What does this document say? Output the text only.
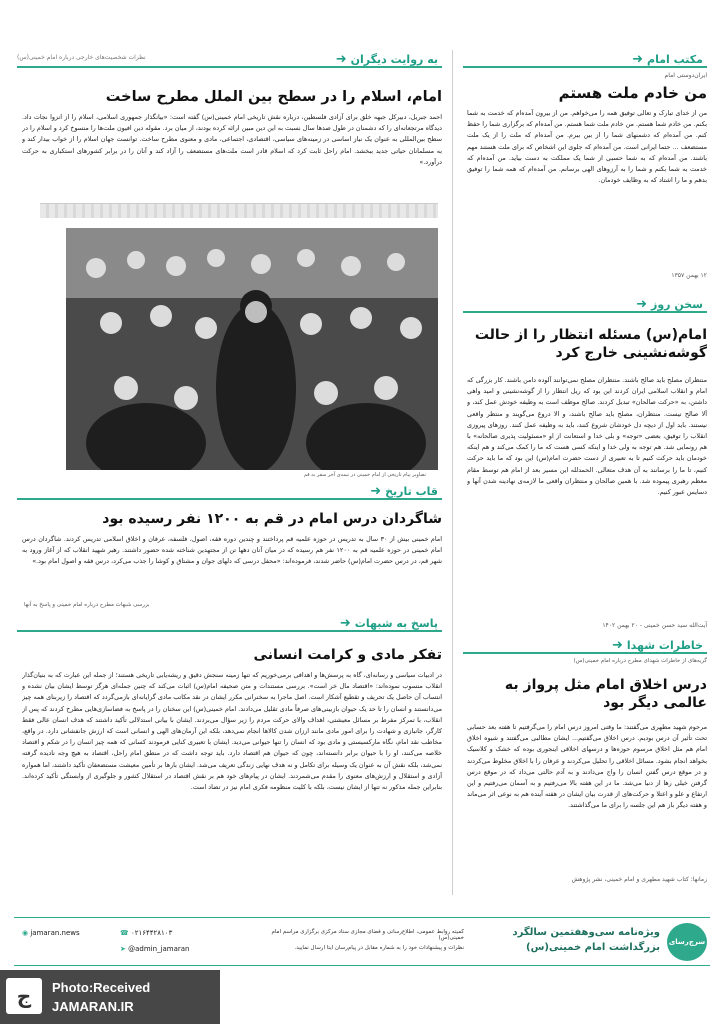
مکتب امام
➜
ایران‌دوستی امام
من خادم ملت هستم
من از خدای تبارک و تعالی توفیق همه را می‌خواهم. من از بیرون آمده‌ام که خدمت به شما بکنم. من خادم شما هستم. من خادم ملت شما هستم. من آمده‌ام که برگزاری شما را حفظ کنم. من آمده‌ام که دشمنهای شما را از بین ببرم. من آمده‌ام که ملت را از یک ملت مستضعف ... حتما ایرانی است. من آمده‌ام که جلوی این اشخاص که برای ملت هستند مهم باشند. من آمده‌ام که به شما حسبی از شما یک مملکت به دست بیاید. من آمده‌ام که خدمت به شما بکنم و شما را به آرزوهای الهی برسانم. من آمده‌ام که همه شما را توفیق بدهم و ما را اشتاد که به وظایف خودمان.
۱۲ بهمن ۱۳۵۷
سخن روز
➜
امام(س) مسئله انتظار را از حالت گوشه‌نشینی خارج کرد
منتظران مصلح باید صالح باشند. منتظران مصلح نمی‌توانند آلوده دامن باشند. کار بزرگی که امام و انقلاب اسلامی ایران کردند این بود که ریل انتظار را از گوشه‌نشینی و امید واهی داشتن، به «حرکت صالحان» تبدیل کردند. صالح موظف است به وظیفه خودش عمل کند، و آلا صالح نیست. منتظران، مصلح باید صالح باشند، و الا دروغ می‌گویند و منتظر واقعی نیستند. باید اول از دیچه دل خودشان شروع کنند، باید به وظیفه عمل کنند. روزهای پیروزی انقلاب را توفیق، بعضی «توجه» و بلی خدا و استعانت از او «مسئولیت پذیری صالحانه» با هم رونمایی شد. هم توجه به ولی خدا و اینکه کسی هست که ما را کمک می‌کند و هم اینکه خودمان باید حرکت کنیم تا به تعبیری از دست حضرت امام(س) این بود که ما باید حرکت کنیم، تا ما را برسانند به آن هدف متعالی. الحمدلله این مسیر بعد از امام هم توسط مقام معظم رهبری پیموده شد. با همین صالحان و منتظران واقعی ما لازمه‌ی نهادینه شدن آنها و دسایس عبور کنیم.
آیت‌الله سید حسن خمینی - ۲۰ بهمن ۱۴۰۲
خاطرات شهدا
➜
گریه‌های از خاطرات شهدای مطرح درباره امام خمینی(س)
درس اخلاق امام مثل پرواز به عالمی دیگر بود
مرحوم شهید مطهری می‌گفتند: ما وقتی امروز درس امام را می‌گرفتیم تا هفته بعد حسابی تحت تأثیر آن درس بودیم. درس اخلاق می‌گفتیم... ایشان مطالبی می‌گفتند و شیوه اخلاق امام هم مثل اخلاق مرسوم حوزه‌ها و درسهای اخلاقی اینجوری بوده که خشک و کلاسیک بخواهد انجام بشود. مسائل اخلاقی را تحلیل می‌کردند و عرفان را با اخلاق مخلوط می‌کردند و در موقع درس گفتن انسان را واج می‌دادند و به آدم حالتی می‌داد که در موقع درس گرفتن خیلی رها از دنیا می‌شد. ما در این هفته بالا می‌رفتیم و به آسمان می‌رفتیم و این ارتفاع و علو و اعتلا و حرکت‌های از قدرت بیان ایشان در هفته آینده هم به نوعی اثر می‌ماند و هفته دیگر باز هم این جلسه را برای ما می‌گذاشتند.
زمانها: کتاب شهید مطهری و امام خمینی، نشر پژوهش
به روایت دیگران
➜
نظرات شخصیت‌های خارجی درباره امام خمینی(س)
امام، اسلام را در سطح بین الملل مطرح ساخت
احمد جبریل، دبیرکل جبهه خلق برای آزادی فلسطین، درباره نقش تاریخی امام خمینی(س) گفته است: «بیانگذار جمهوری اسلامی، اسلام را از انزوا نجات داد. دیدگاه مرتجعانه‌ای را که دشمنان در طول صدها سال نسبت به این دین مبین ارائه کرده بودند، از میان برد. مقوله دین افیون ملت‌ها را منسوخ کرد و اسلام را در سطح بین‌المللی به عنوان یک نیاز اساسی در زمینه‌های سیاسی، اقتصادی، اجتماعی، مادی و معنوی مطرح ساخت. توانست جهان اسلام را از خواب بیدار کند و به مسلمانان حیاتی جدید ببخشد. امام راحل ثابت کرد که اسلام قادر است ملت‌های مستضعف را آزاد کند و آنان را در برابر کشورهای استکباری به حرکت درآورد.»
تصاویر پیام تاریخی از امام خمینی در نیمه‌ی آخر سفر به قم
قاب تاریخ
➜
شاگردان درس امام در قم به ۱۲۰۰ نفر رسیده بود
امام خمینی بیش از ۳۰ سال به تدریس در حوزه علمیه قم پرداختند و چندین دوره فقه، اصول، فلسفه، عرفان و اخلاق اسلامی تدریس کردند. شاگردان درس امام خمینی در حوزه علمیه قم به ۱۲۰۰ نفر هم رسیده که در میان آنان دهها تن از مجتهدین شناخته شده حضور داشتند. رهبر شهید انقلاب که از آغاز ورود به شهر قم، در درس حضرت امام(س) حاضر شدند، فرموده‌اند: «محفل درسی که دلهای جوان و مشتاق و کوشا را جذب می‌کرد، درس فقه و اصول امام بود.»
بررسی شبهات مطرح درباره امام خمینی و پاسخ به آنها
پاسخ به شبهات
➜
تفکر مادی و کرامت انسانی
در ادبیات سیاسی و رسانه‌ای، گاه به پرسش‌ها و اهدافی برمی‌خوریم که تنها زمینه سنجش دقیق و ریشه‌یابی تاریخی هستند؛ از جمله این عبارت که به بنیان‌گذار انقلاب منسوب نموده‌اند: «اقتصاد مال خر است». بررسی مستندات و متن صحیفه امام(س) اثبات می‌کند که چنین جمله‌ای هرگز توسط ایشان بیان نشده و انتساب آن حاصل یک تحریف و تقطیع آشکار است. اصل ماجرا به سخنرانی مکرر ایشان در نقد مکاتب مادی گرایانه‌ای بازمی‌گردد که اقتصاد را زیربنای همه چیز می‌دانستند و انسان را تا حد یک حیوان بازبینی‌های صرفاً مادی تقلیل می‌دادند. امام خمینی(س) این سخنان را در پاسخ به فضاسازی‌هایی مطرح کردند که پس از انقلاب، با تمرکز مفرط بر مسائل معیشتی، اهداف والای حرکت مردم را زیر سؤال می‌بردند. ایشان با بیانی استدلالی تأکید داشتند که هدف انسان عالی فقط کارگر، جانبازی و شهادت را برای امور مادی مانند ارزان شدن کالاها انجام نمی‌دهد، بلکه این آرمان‌های الهی و انسانی است که ارزش جانفشانی دارد. در واقع، مخاطب نقد امام، نگاه مارکسیستی و مادی بود که انسان را تنها حیوانی می‌دید. ایشان با تعبیری کنایی فرمودند کسانی که همه چیز انسان را در شکم و اقتصاد خلاصه می‌کنند، او را با حیوان برابر دانسته‌اند، چون که حیوان هم اقتصاد دارد. باید توجه داشت که در منطق امام راحل، اقتصاد به هیچ وجه نادیده گرفته نمی‌شد، بلکه نقش آن به عنوان یک وسیله برای تکامل و نه هدف نهایی زندگی تعریف می‌شد. ایشان بارها بر تأمین معیشت مستضعفان تأکید داشتند، اما همواره آزادی و استقلال و ارزش‌های معنوی را مقدم می‌شمردند. ایشان در پیام‌های خود هم بر نقش اقتصاد در استقلال کشور و جلوگیری از وابستگی تأکید کرده‌اند. بنابراین جمله مذکور نه تنها از ایشان نیست، بلکه با کلیت منظومه فکری امام نیز در تضاد است.
سرچ‌رسای
ویژه‌نامه سی‌وهفتمین سالگرد بزرگداشت امام خمینی(س)
کمیته روابط عمومی، اطلاع‌رسانی و فضای مجازی ستاد مرکزی برگزاری مراسم امام خمینی(س)
نظرات و پیشنهادات خود را به شماره مقابل در پیام‌رسان ایتا ارسال نمایید.
☎ ۰۲۱۶۴۴۲۸۱۰۳
◉ jamaran.news
➤ @admin_jamaran
ج	Photo:Received
JAMARAN.IR
